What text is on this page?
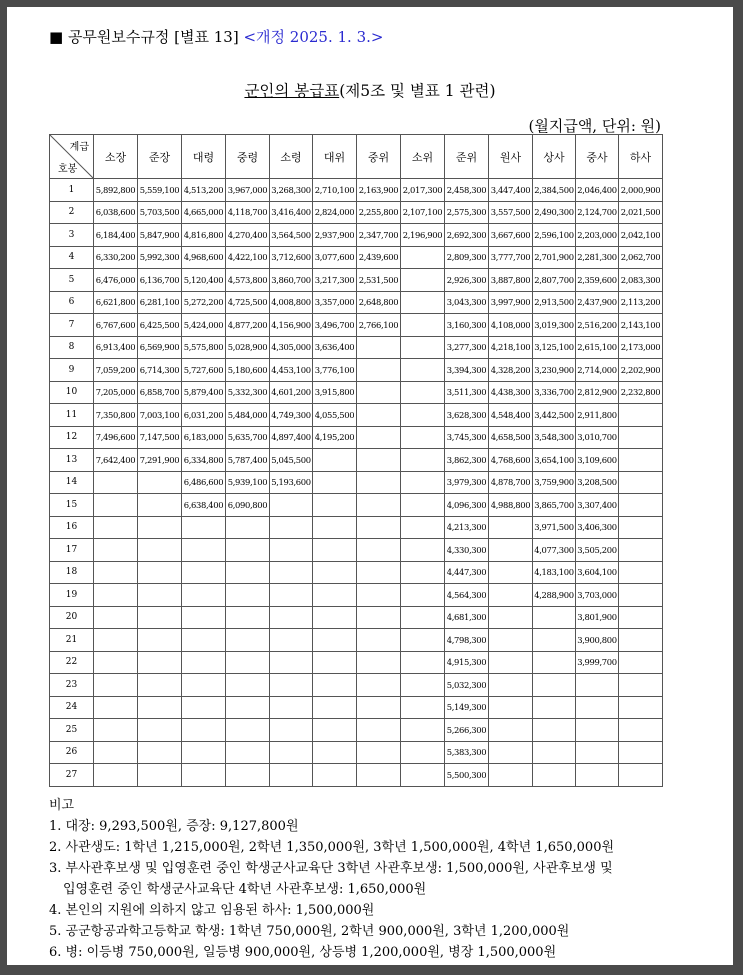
■ 공무원보수규정 [별표 13] <개정 2025. 1. 3.>
군인의 봉급표(제5조 및 별표 1 관련)
(월지급액, 단위: 원)
계급
호봉	소장	준장	대령	중령	소령	대위	중위	소위	준위	원사	상사	중사	하사
1	5,892,800	5,559,100	4,513,200	3,967,000	3,268,300	2,710,100	2,163,900	2,017,300	2,458,300	3,447,400	2,384,500	2,046,400	2,000,900
2	6,038,600	5,703,500	4,665,000	4,118,700	3,416,400	2,824,000	2,255,800	2,107,100	2,575,300	3,557,500	2,490,300	2,124,700	2,021,500
3	6,184,400	5,847,900	4,816,800	4,270,400	3,564,500	2,937,900	2,347,700	2,196,900	2,692,300	3,667,600	2,596,100	2,203,000	2,042,100
4	6,330,200	5,992,300	4,968,600	4,422,100	3,712,600	3,077,600	2,439,600		2,809,300	3,777,700	2,701,900	2,281,300	2,062,700
5	6,476,000	6,136,700	5,120,400	4,573,800	3,860,700	3,217,300	2,531,500		2,926,300	3,887,800	2,807,700	2,359,600	2,083,300
6	6,621,800	6,281,100	5,272,200	4,725,500	4,008,800	3,357,000	2,648,800		3,043,300	3,997,900	2,913,500	2,437,900	2,113,200
7	6,767,600	6,425,500	5,424,000	4,877,200	4,156,900	3,496,700	2,766,100		3,160,300	4,108,000	3,019,300	2,516,200	2,143,100
8	6,913,400	6,569,900	5,575,800	5,028,900	4,305,000	3,636,400			3,277,300	4,218,100	3,125,100	2,615,100	2,173,000
9	7,059,200	6,714,300	5,727,600	5,180,600	4,453,100	3,776,100			3,394,300	4,328,200	3,230,900	2,714,000	2,202,900
10	7,205,000	6,858,700	5,879,400	5,332,300	4,601,200	3,915,800			3,511,300	4,438,300	3,336,700	2,812,900	2,232,800
11	7,350,800	7,003,100	6,031,200	5,484,000	4,749,300	4,055,500			3,628,300	4,548,400	3,442,500	2,911,800	
12	7,496,600	7,147,500	6,183,000	5,635,700	4,897,400	4,195,200			3,745,300	4,658,500	3,548,300	3,010,700	
13	7,642,400	7,291,900	6,334,800	5,787,400	5,045,500				3,862,300	4,768,600	3,654,100	3,109,600	
14			6,486,600	5,939,100	5,193,600				3,979,300	4,878,700	3,759,900	3,208,500	
15			6,638,400	6,090,800					4,096,300	4,988,800	3,865,700	3,307,400	
16									4,213,300		3,971,500	3,406,300	
17									4,330,300		4,077,300	3,505,200	
18									4,447,300		4,183,100	3,604,100	
19									4,564,300		4,288,900	3,703,000	
20									4,681,300			3,801,900	
21									4,798,300			3,900,800	
22									4,915,300			3,999,700	
23									5,032,300				
24									5,149,300				
25									5,266,300				
26									5,383,300				
27									5,500,300				
비고
1. 대장: 9,293,500원, 증장: 9,127,800원
2. 사관생도: 1학년 1,215,000원, 2학년 1,350,000원, 3학년 1,500,000원, 4학년 1,650,000원
3. 부사관후보생 및 입영훈련 중인 학생군사교육단 3학년 사관후보생: 1,500,000원, 사관후보생 및
입영훈련 중인 학생군사교육단 4학년 사관후보생: 1,650,000원
4. 본인의 지원에 의하지 않고 임용된 하사: 1,500,000원
5. 공군항공과학고등학교 학생: 1학년 750,000원, 2학년 900,000원, 3학년 1,200,000원
6. 병: 이등병 750,000원, 일등병 900,000원, 상등병 1,200,000원, 병장 1,500,000원
